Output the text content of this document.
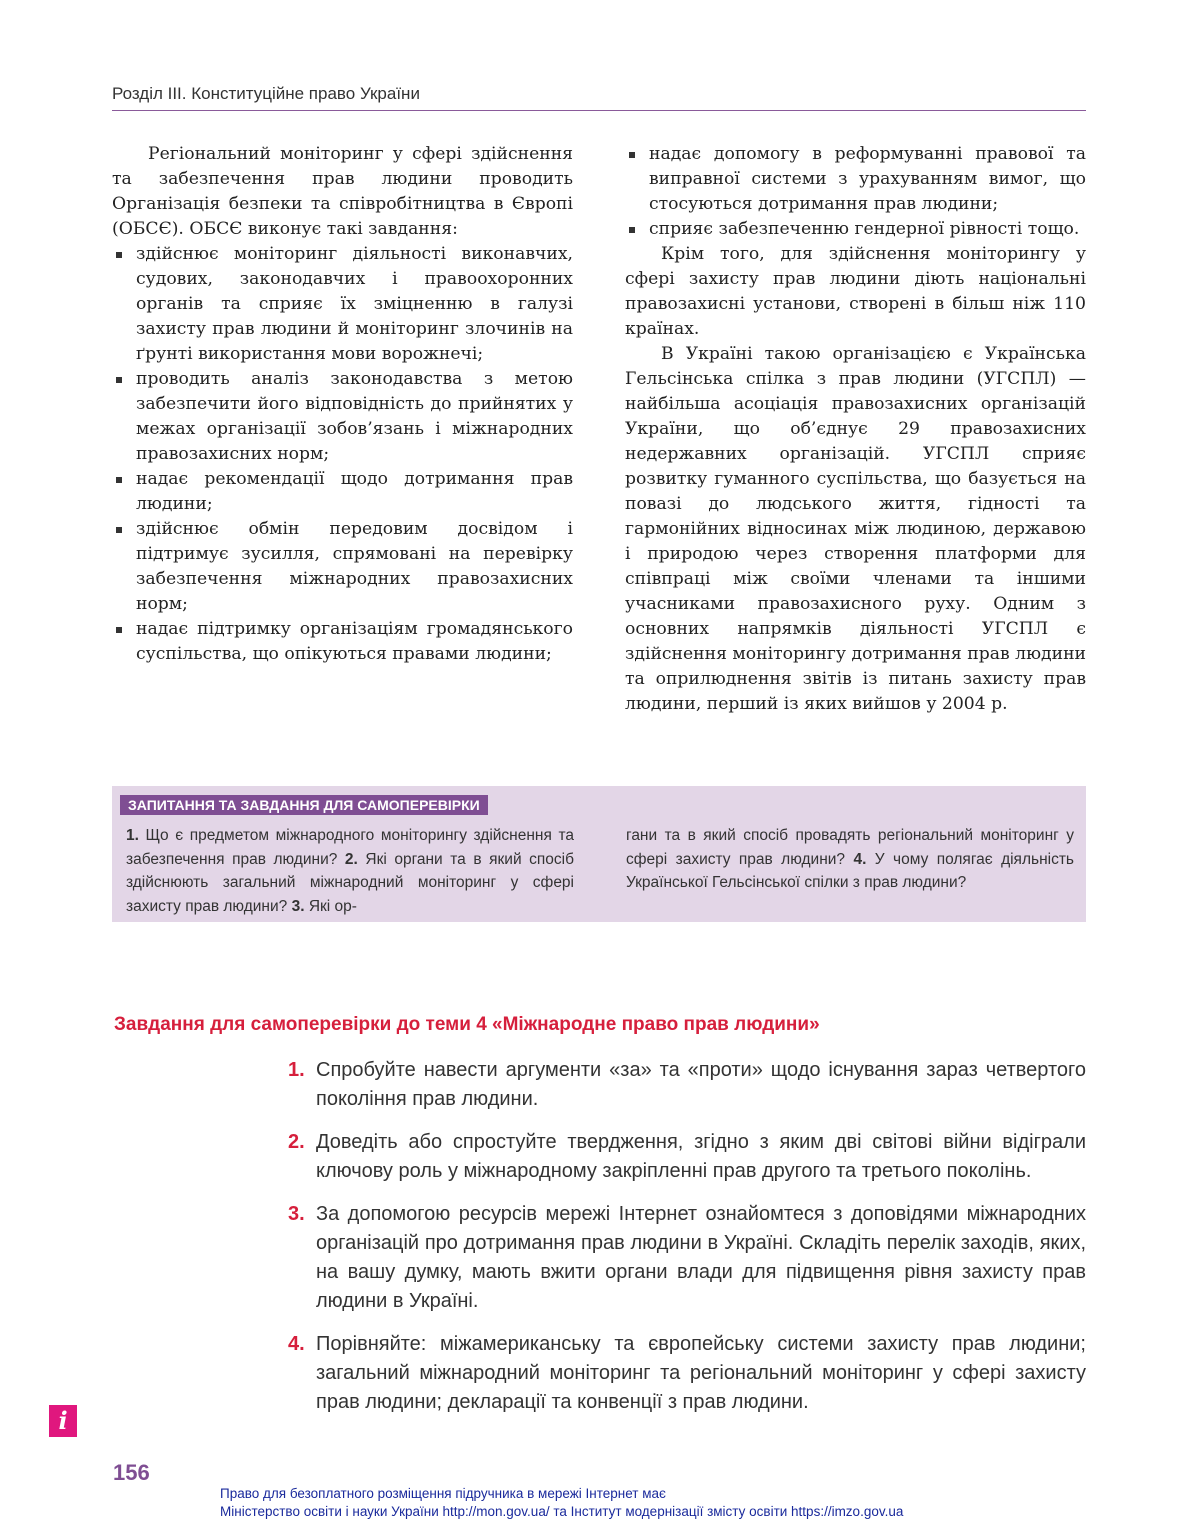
Розділ ІІІ. Конституційне право України

Регіональний моніторинг у сфері здійснення та забезпечення прав людини проводить Організація безпеки та співробітництва в Європі (ОБСЄ). ОБСЄ виконує такі завдання:

здійснює моніторинг діяльності виконавчих, судових, законодавчих і правоохоронних органів та сприяє їх зміцненню в галузі захисту прав людини й моніторинг злочинів на ґрунті використання мови ворожнечі;
проводить аналіз законодавства з метою забезпечити його відповідність до прийнятих у межах організації зобов’язань і міжнародних правозахисних норм;
надає рекомендації щодо дотримання прав людини;
здійснює обмін передовим досвідом і підтримує зусилля, спрямовані на перевірку забезпечення міжнародних правозахисних норм;
надає підтримку організаціям громадянського суспільства, що опікуються правами людини;
надає допомогу в реформуванні правової та виправної системи з урахуванням вимог, що стосуються дотримання прав людини;
сприяє забезпеченню гендерної рівності тощо.

Крім того, для здійснення моніторингу у сфері захисту прав людини діють національні правозахисні установи, створені в більш ніж 110 країнах.

В Україні такою організацією є Українська Гельсінська спілка з прав людини (УГСПЛ) — найбільша асоціація правозахисних організацій України, що об’єднує 29 правозахисних недержавних організацій. УГСПЛ сприяє розвитку гуманного суспільства, що базується на повазі до людського життя, гідності та гармонійних відносинах між людиною, державою і природою через створення платформи для співпраці між своїми членами та іншими учасниками правозахисного руху. Одним з основних напрямків діяльності УГСПЛ є здійснення моніторингу дотримання прав людини та оприлюднення звітів із питань захисту прав людини, перший із яких вийшов у 2004 р.

ЗАПИТАННЯ ТА ЗАВДАННЯ ДЛЯ САМОПЕРЕВІРКИ
1. Що є предметом міжнародного моніторингу здійснення та забезпечення прав людини? 2. Які органи та в який спосіб здійснюють загальний міжнародний моніторинг у сфері захисту прав людини? 3. Які ор-
гани та в який спосіб провадять регіональний моніторинг у сфері захисту прав людини? 4. У чому полягає діяльність Української Гельсінської спілки з прав людини?
Завдання для самоперевірки до теми 4 «Міжнародне право прав людини»
1. Спробуйте навести аргументи «за» та «проти» щодо існування зараз четвертого покоління прав людини.
2. Доведіть або спростуйте твердження, згідно з яким дві світові війни відіграли ключову роль у міжнародному закріпленні прав другого та третього поколінь.
3. За допомогою ресурсів мережі Інтернет ознайомтеся з доповідями міжнародних організацій про дотримання прав людини в Україні. Складіть перелік заходів, яких, на вашу думку, мають вжити органи влади для підвищення рівня захисту прав людини в Україні.
4. Порівняйте: міжамериканську та європейську системи захисту прав людини; загальний міжнародний моніторинг та регіональний моніторинг у сфері захисту прав людини; декларації та конвенції з прав людини.
i
156
Право для безоплатного розміщення підручника в мережі Інтернет має
Міністерство освіти і науки України http://mon.gov.ua/ та Інститут модернізації змісту освіти https://imzo.gov.ua
